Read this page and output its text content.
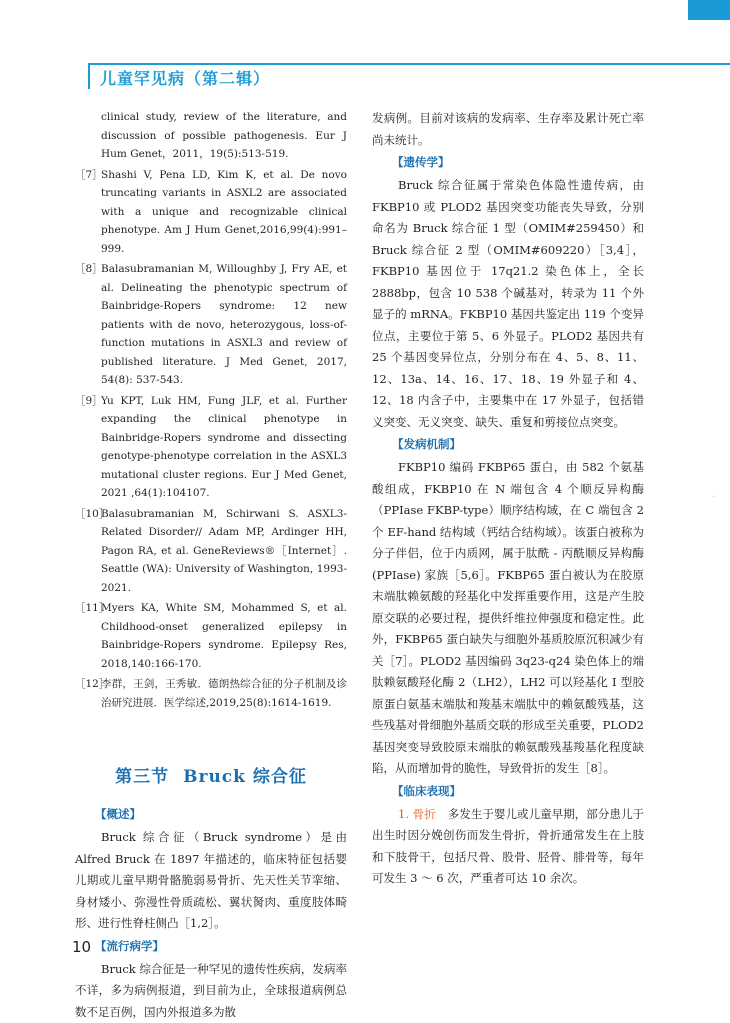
儿童罕见病（第二辑）
clinical study, review of the literature, and discussion of possible pathogenesis. Eur J Hum Genet，2011，19(5):513-519.
［7］
Shashi V, Pena LD, Kim K, et al. De novo truncating variants in ASXL2 are associated with a unique and recognizable clinical phenotype. Am J Hum Genet,2016,99(4):991–999.
［8］
Balasubramanian M, Willoughby J, Fry AE, et al. Delineating the phenotypic spectrum of Bainbridge-Ropers syndrome: 12 new patients with de novo, heterozygous, loss-of-function mutations in ASXL3 and review of published literature. J Med Genet, 2017, 54(8): 537-543.
［9］
Yu KPT, Luk HM, Fung JLF, et al. Further expanding the clinical phenotype in Bainbridge-Ropers syndrome and dissecting genotype-phenotype correlation in the ASXL3 mutational cluster regions. Eur J Med Genet, 2021 ,64(1):104107.
［10］
Balasubramanian M, Schirwani S. ASXL3-Related Disorder// Adam MP, Ardinger HH, Pagon RA, et al. GeneReviews®［Internet］. Seattle (WA): University of Washington, 1993-2021.
［11］
Myers KA, White SM, Mohammed S, et al. Childhood-onset generalized epilepsy in Bainbridge-Ropers syndrome. Epilepsy Res, 2018,140:166-170.
［12］
李群，王剑，王秀敏．德朗热综合征的分子机制及诊治研究进展．医学综述,2019,25(8):1614-1619.
第三节 Bruck 综合征
【概述】

Bruck 综合征（Bruck syndrome）是由 Alfred Bruck 在 1897 年描述的，临床特征包括婴儿期或儿童早期骨骼脆弱易骨折、先天性关节挛缩、身材矮小、弥漫性骨质疏松、翼状胬肉、重度肢体畸形、进行性脊柱侧凸［1,2］。

【流行病学】

Bruck 综合征是一种罕见的遗传性疾病，发病率不详，多为病例报道，到目前为止，全球报道病例总数不足百例，国内外报道多为散

发病例。目前对该病的发病率、生存率及累计死亡率尚未统计。

【遗传学】

Bruck 综合征属于常染色体隐性遗传病，由 FKBP10 或 PLOD2 基因突变功能丧失导致，分别命名为 Bruck 综合征 1 型（OMIM#259450）和 Bruck 综合征 2 型（OMIM#609220）［3,4］，FKBP10 基因位于 17q21.2 染色体上，全长 2888bp，包含 10 538 个碱基对，转录为 11 个外显子的 mRNA。FKBP10 基因共鉴定出 119 个变异位点，主要位于第 5、6 外显子。PLOD2 基因共有 25 个基因变异位点，分别分布在 4、5、8、11、12、13a、14、16、17、18、19 外显子和 4、12、18 内含子中，主要集中在 17 外显子，包括错义突变、无义突变、缺失、重复和剪接位点突变。

【发病机制】

FKBP10 编码 FKBP65 蛋白，由 582 个氨基酸组成，FKBP10 在 N 端包含 4 个顺反异构酶（PPIase FKBP-type）顺序结构域，在 C 端包含 2 个 EF-hand 结构域（钙结合结构域）。该蛋白被称为分子伴侣，位于内质网，属于肽酰 - 丙酰顺反异构酶 (PPIase) 家族［5,6］。FKBP65 蛋白被认为在胶原末端肽赖氨酸的羟基化中发挥重要作用，这是产生胶原交联的必要过程，提供纤维拉伸强度和稳定性。此外，FKBP65 蛋白缺失与细胞外基质胶原沉积减少有关［7］。PLOD2 基因编码 3q23-q24 染色体上的端肽赖氨酸羟化酶 2（LH2），LH2 可以羟基化 Ⅰ 型胶原蛋白氨基末端肽和羧基末端肽中的赖氨酸残基，这些残基对骨细胞外基质交联的形成至关重要，PLOD2 基因突变导致胶原末端肽的赖氨酸残基羧基化程度缺陷，从而增加骨的脆性，导致骨折的发生［8］。

【临床表现】

1. 骨折 多发生于婴儿或儿童早期，部分患儿于出生时因分娩创伤而发生骨折，骨折通常发生在上肢和下肢骨干，包括尺骨、股骨、胫骨、腓骨等，每年可发生 3 ～ 6 次，严重者可达 10 余次。

10
·
